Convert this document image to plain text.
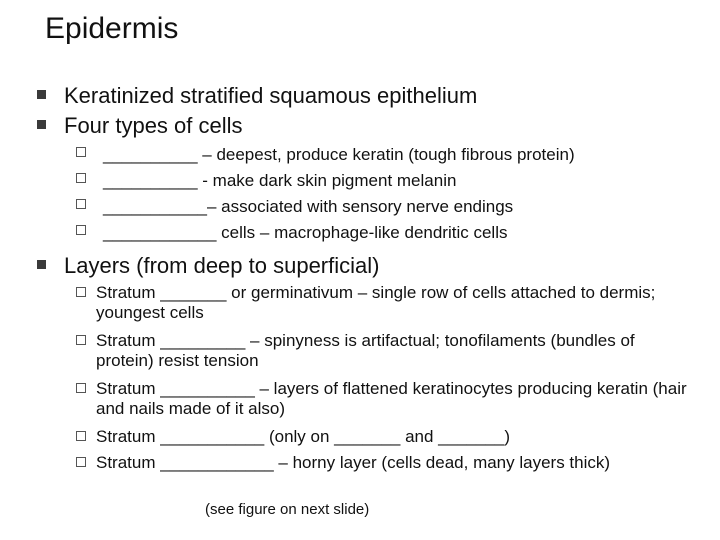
Epidermis
Keratinized stratified squamous epithelium
Four types of cells
__________ – deepest, produce keratin (tough fibrous protein)
__________ - make dark skin pigment melanin
___________– associated with sensory nerve endings
____________ cells – macrophage-like dendritic cells
Layers (from deep to superficial)
Stratum _______ or germinativum – single row of cells attached to dermis; youngest cells
Stratum _________ – spinyness is artifactual; tonofilaments (bundles of protein) resist tension
Stratum __________ – layers of flattened keratinocytes producing keratin (hair and nails made of it also)
Stratum ___________ (only on _______ and _______)
Stratum ____________ – horny layer (cells dead, many layers thick)
(see figure on next slide)
